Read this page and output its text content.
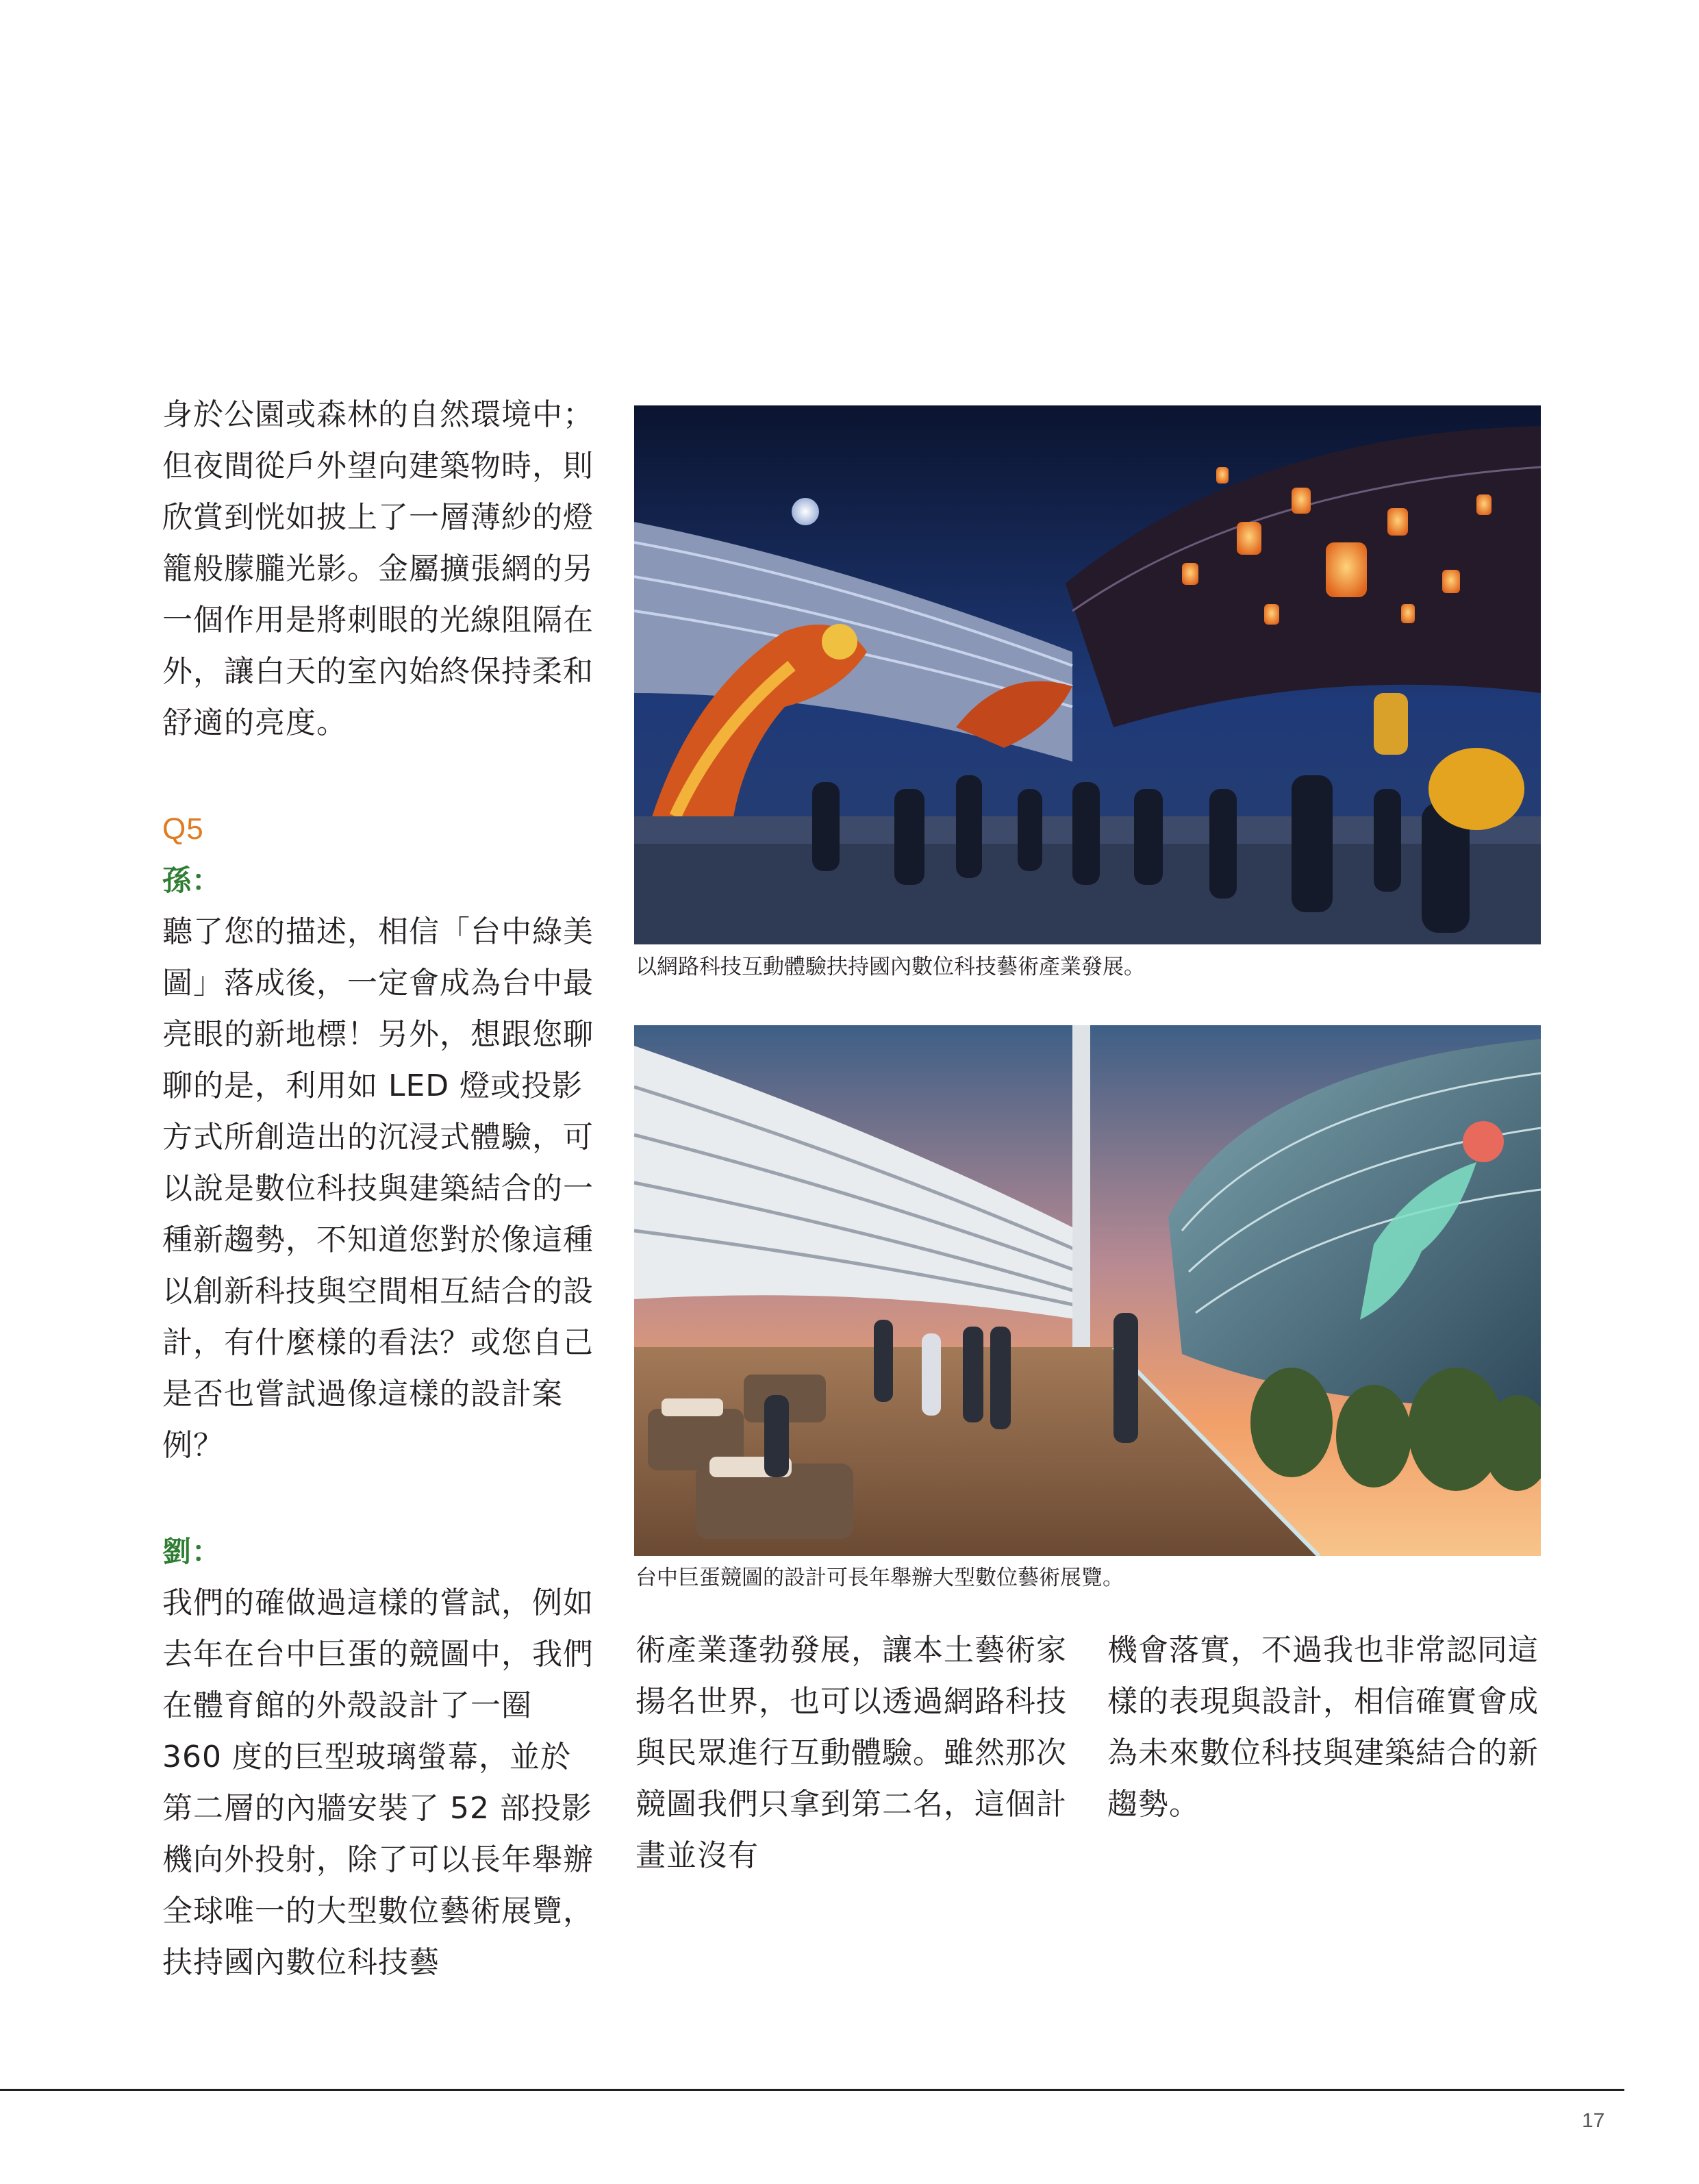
身於公園或森林的自然環境中；但夜間從戶外望向建築物時，則欣賞到恍如披上了一層薄紗的燈籠般朦朧光影。金屬擴張網的另一個作用是將刺眼的光線阻隔在外，讓白天的室內始終保持柔和舒適的亮度。

Q5
孫：

聽了您的描述，相信「台中綠美圖」落成後，一定會成為台中最亮眼的新地標！另外，想跟您聊聊的是，利用如 LED 燈或投影方式所創造出的沉浸式體驗，可以說是數位科技與建築結合的一種新趨勢，不知道您對於像這種以創新科技與空間相互結合的設計，有什麼樣的看法？或您自己是否也嘗試過像這樣的設計案例？

劉：

我們的確做過這樣的嘗試，例如去年在台中巨蛋的競圖中，我們在體育館的外殼設計了一圈 360 度的巨型玻璃螢幕，並於第二層的內牆安裝了 52 部投影機向外投射，除了可以長年舉辦全球唯一的大型數位藝術展覽，扶持國內數位科技藝

以網路科技互動體驗扶持國內數位科技藝術產業發展。
台中巨蛋競圖的設計可長年舉辦大型數位藝術展覽。

術產業蓬勃發展，讓本土藝術家揚名世界，也可以透過網路科技與民眾進行互動體驗。雖然那次競圖我們只拿到第二名，這個計畫並沒有

機會落實，不過我也非常認同這樣的表現與設計，相信確實會成為未來數位科技與建築結合的新趨勢。

17
